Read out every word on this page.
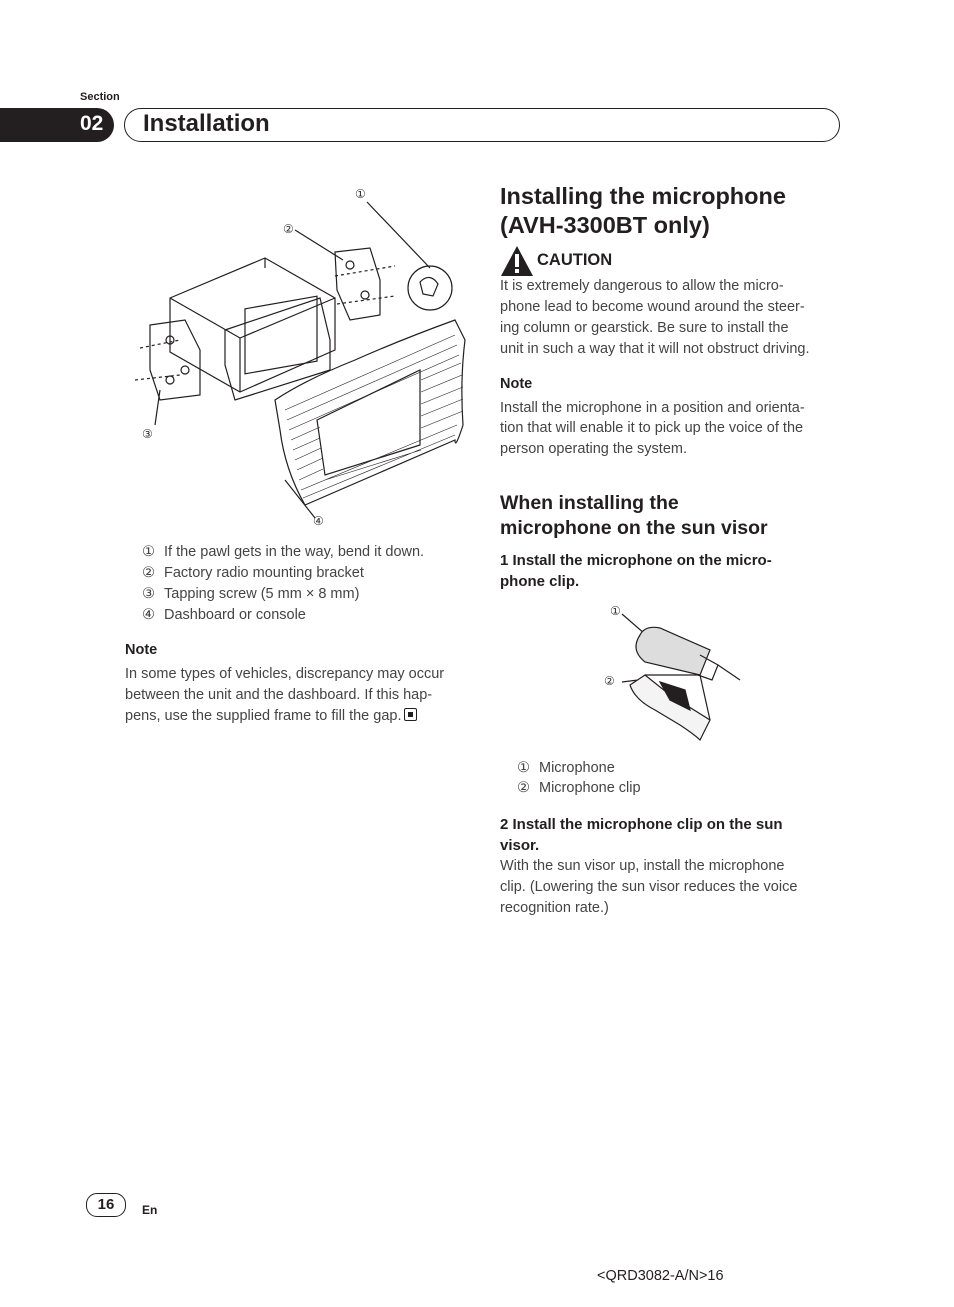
Section
02 Installation
①
②
③
④
① If the pawl gets in the way, bend it down.
② Factory radio mounting bracket
③ Tapping screw (5 mm × 8 mm)
④ Dashboard or console
Note
In some types of vehicles, discrepancy may occur
between the unit and the dashboard. If this hap-
pens, use the supplied frame to fill the gap.
Installing the microphone
(AVH-3300BT only)
CAUTION
It is extremely dangerous to allow the micro-
phone lead to become wound around the steer-
ing column or gearstick. Be sure to install the
unit in such a way that it will not obstruct driving.
Note
Install the microphone in a position and orienta-
tion that will enable it to pick up the voice of the
person operating the system.
When installing the
microphone on the sun visor
1 Install the microphone on the micro-
phone clip.
①
②
① Microphone
② Microphone clip
2 Install the microphone clip on the sun
visor.
With the sun visor up, install the microphone
clip. (Lowering the sun visor reduces the voice
recognition rate.)
16	En
<QRD3082-A/N>16
